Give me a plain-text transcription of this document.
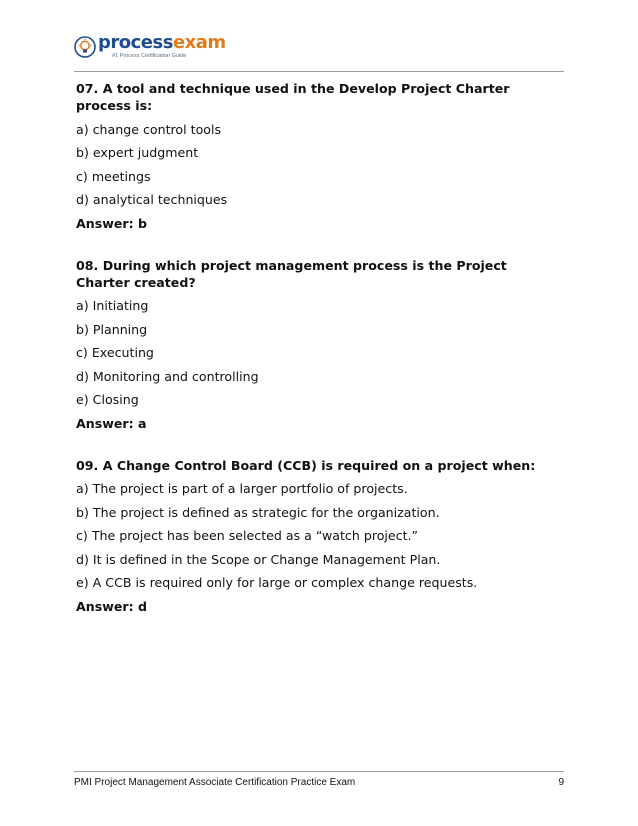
processexam
#1 Process Certification Guide

07. A tool and technique used in the Develop Project Charter process is:

a) change control tools
b) expert judgment
c) meetings
d) analytical techniques
Answer: b

08. During which project management process is the Project Charter created?

a) Initiating
b) Planning
c) Executing
d) Monitoring and controlling
e) Closing
Answer: a

09. A Change Control Board (CCB) is required on a project when:

a) The project is part of a larger portfolio of projects.
b) The project is defined as strategic for the organization.
c) The project has been selected as a “watch project.”
d) It is defined in the Scope or Change Management Plan.
e) A CCB is required only for large or complex change requests.
Answer: d
PMI Project Management Associate Certification Practice Exam	9
